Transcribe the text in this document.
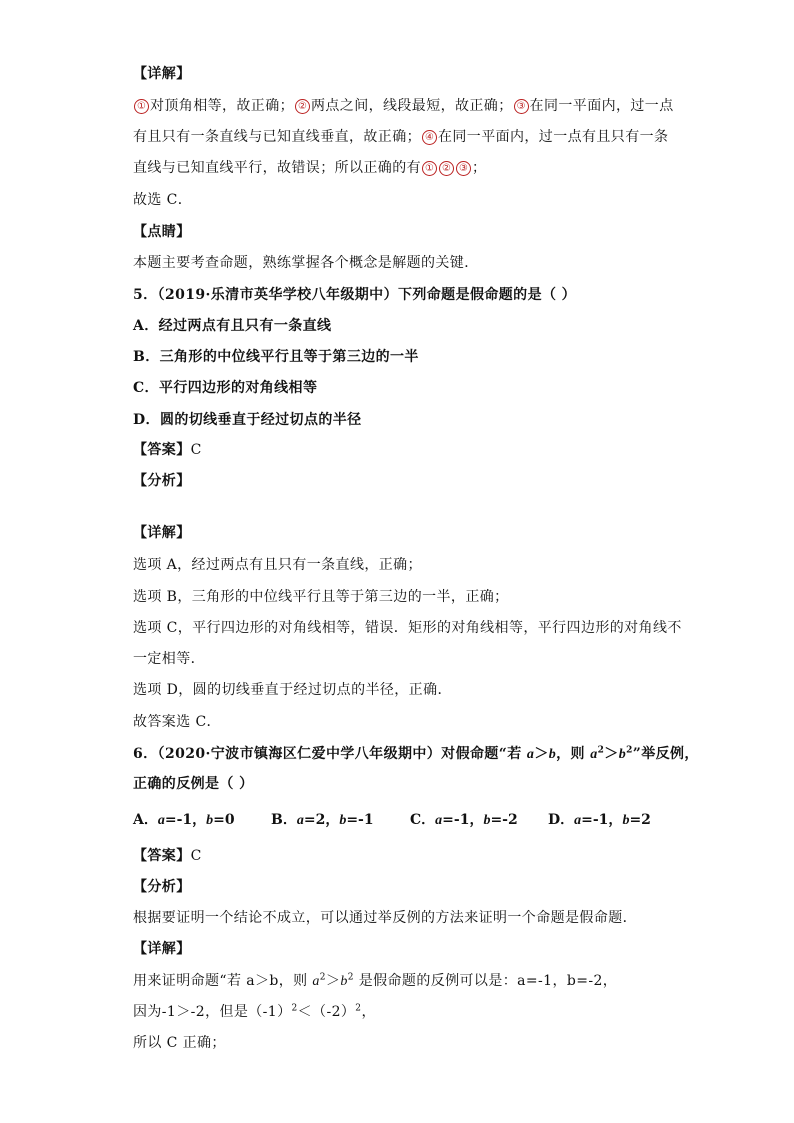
【详解】
① 对顶角相等，故正确； ② 两点之间，线段最短，故正确； ③ 在同一平面内，过一点
有且只有一条直线与已知直线垂直，故正确； ④ 在同一平面内，过一点有且只有一条
直线与已知直线平行，故错误；所以正确的有 ① ② ③ ；
故选 C．
【点睛】
本题主要考查命题，熟练掌握各个概念是解题的关键．
5．（2019·乐清市英华学校八年级期中）下列命题是假命题的是（ ）
A．经过两点有且只有一条直线
B．三角形的中位线平行且等于第三边的一半
C．平行四边形的对角线相等
D．圆的切线垂直于经过切点的半径
【答案】C
【分析】
【详解】
选项 A，经过两点有且只有一条直线，正确；
选项 B，三角形的中位线平行且等于第三边的一半，正确；
选项 C，平行四边形的对角线相等，错误．矩形的对角线相等，平行四边形的对角线不
一定相等．
选项 D，圆的切线垂直于经过切点的半径，正确．
故答案选 C．
6．（2020·宁波市镇海区仁爱中学八年级期中）对假命题“若 a＞b，则 $a^2>b^2$”举反例，
正确的反例是（ ）
A．a=-1，b=0	B．a=2，b=-1	C．a=-1，b=-2 D．a=-1，b=2
【答案】C
【分析】
根据要证明一个结论不成立，可以通过举反例的方法来证明一个命题是假命题．
【详解】
用来证明命题“若 a＞b，则 $a^2>b^2$ 是假命题的反例可以是：a=-1，b=-2，
因为-1＞-2，但是$(-1)^2<(-2)^2$，
所以 C 正确；
